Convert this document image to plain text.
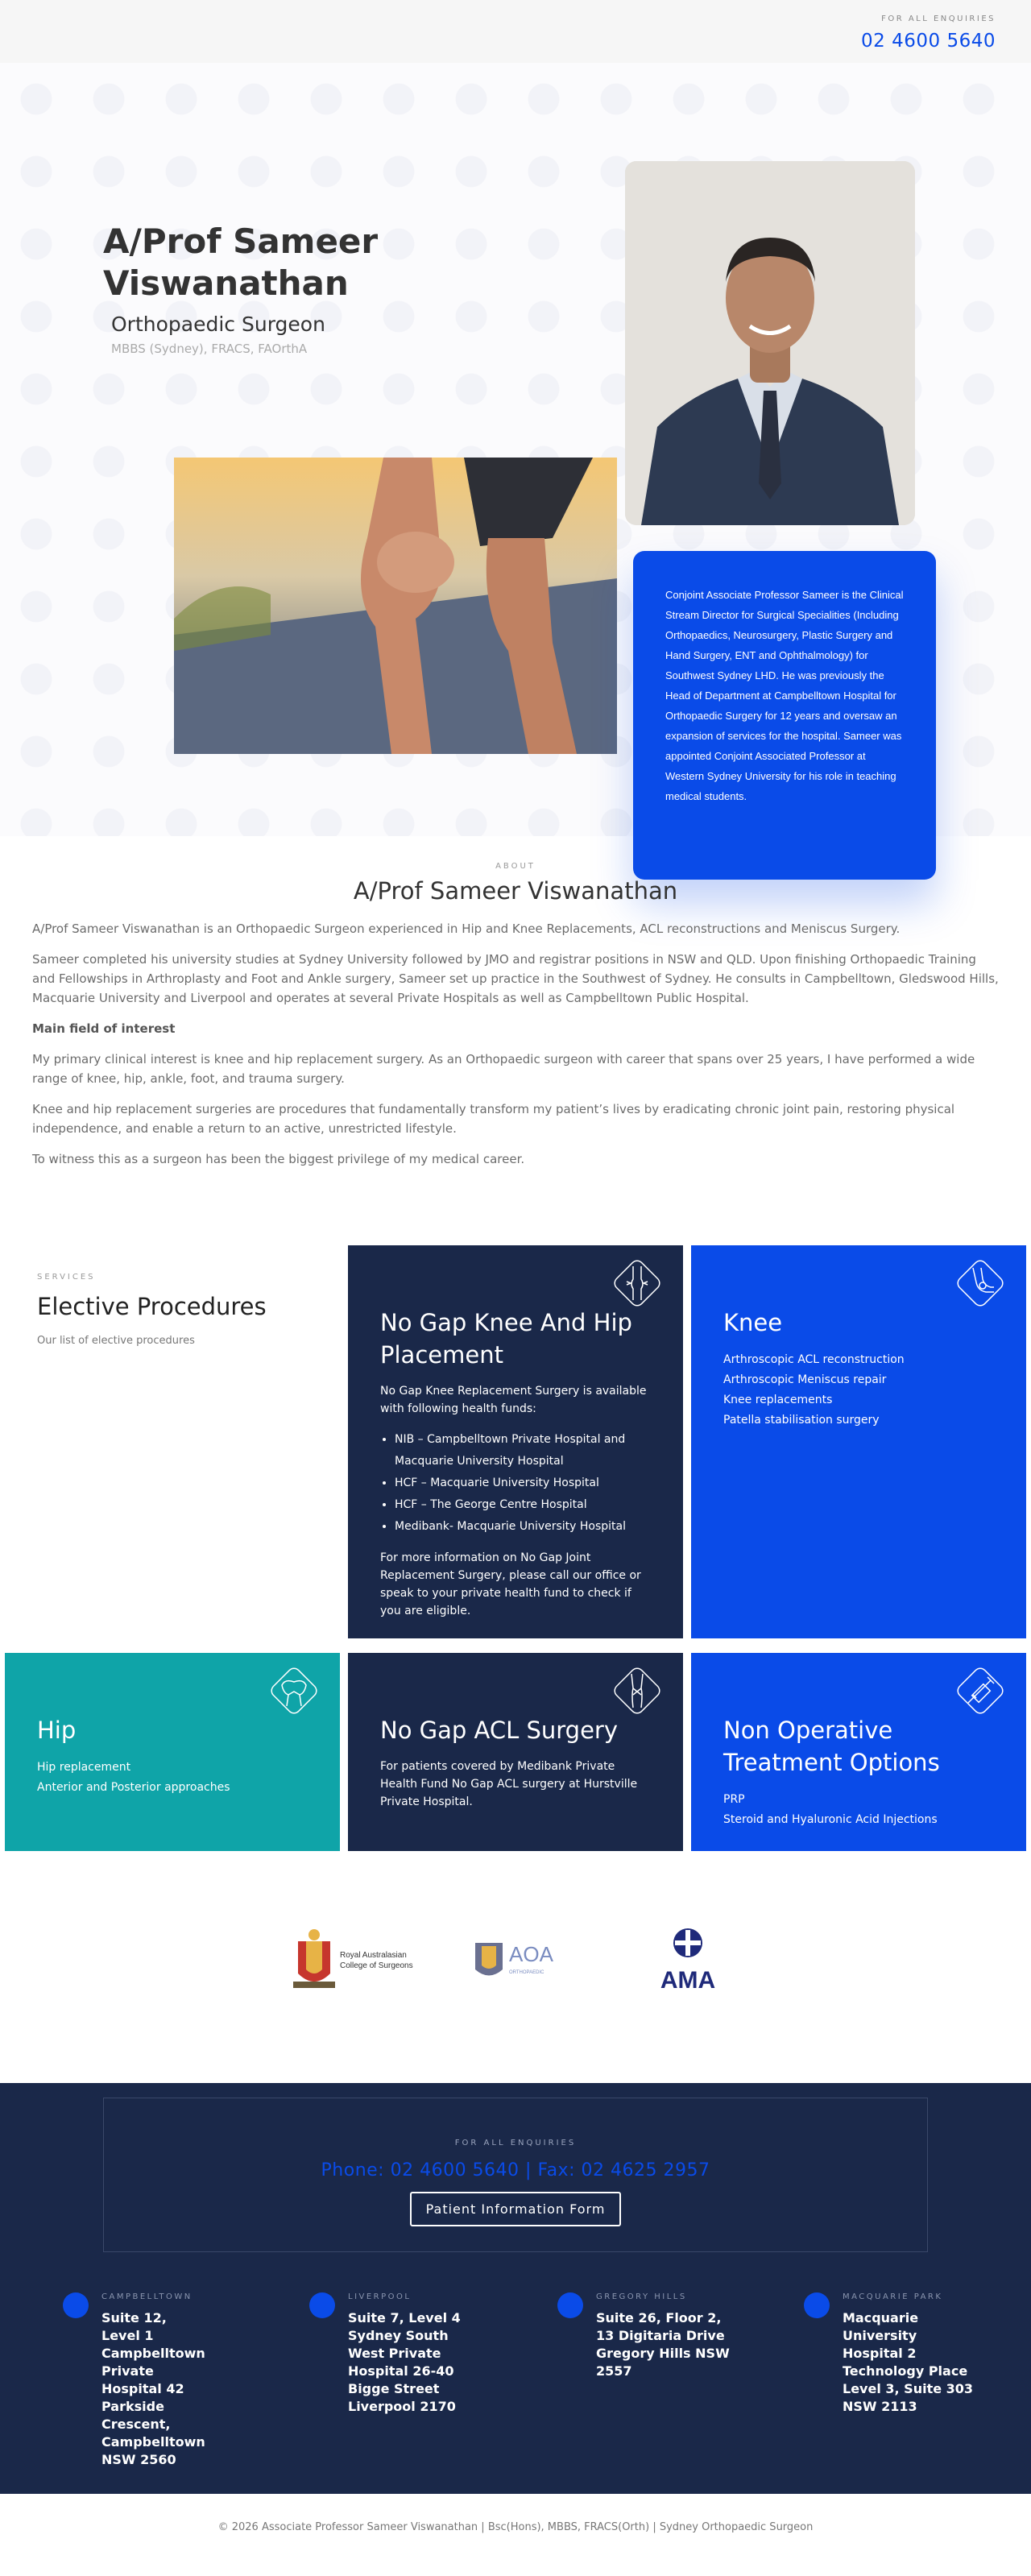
FOR ALL ENQUIRIES
02 4600 5640
A/Prof Sameer Viswanathan
Orthopaedic Surgeon
MBBS (Sydney), FRACS, FAOrthA

Conjoint Associate Professor Sameer is the Clinical Stream Director for Surgical Specialities (Including Orthopaedics, Neurosurgery, Plastic Surgery and Hand Surgery, ENT and Ophthalmology) for Southwest Sydney LHD. He was previously the Head of Department at Campbelltown Hospital for Orthopaedic Surgery for 12 years and oversaw an expansion of services for the hospital. Sameer was appointed Conjoint Associated Professor at Western Sydney University for his role in teaching medical students.

ABOUT
A/Prof Sameer Viswanathan

A/Prof Sameer Viswanathan is an Orthopaedic Surgeon experienced in Hip and Knee Replacements, ACL reconstructions and Meniscus Surgery.

Sameer completed his university studies at Sydney University followed by JMO and registrar positions in NSW and QLD. Upon finishing Orthopaedic Training and Fellowships in Arthroplasty and Foot and Ankle surgery, Sameer set up practice in the Southwest of Sydney. He consults in Campbelltown, Gledswood Hills, Macquarie University and Liverpool and operates at several Private Hospitals as well as Campbelltown Public Hospital.

Main field of interest

My primary clinical interest is knee and hip replacement surgery. As an Orthopaedic surgeon with career that spans over 25 years, I have performed a wide range of knee, hip, ankle, foot, and trauma surgery.

Knee and hip replacement surgeries are procedures that fundamentally transform my patient’s lives by eradicating chronic joint pain, restoring physical independence, and enable a return to an active, unrestricted lifestyle.

To witness this as a surgeon has been the biggest privilege of my medical career.

SERVICES
Elective Procedures

Our list of elective procedures

No Gap Knee And Hip Placement
No Gap Knee Replacement Surgery is available with following health funds:
• NIB – Campbelltown Private Hospital and Macquarie University Hospital
• HCF – Macquarie University Hospital
• HCF – The George Centre Hospital
• Medibank- Macquarie University Hospital
For more information on No Gap Joint Replacement Surgery, please call our office or speak to your private health fund to check if you are eligible.
Knee
Arthroscopic ACL reconstruction
Arthroscopic Meniscus repair
Knee replacements
Patella stabilisation surgery
Hip
Hip replacement
Anterior and Posterior approaches
No Gap ACL Surgery
For patients covered by Medibank Private Health Fund No Gap ACL surgery at Hurstville Private Hospital.
Non Operative Treatment Options
PRP
Steroid and Hyaluronic Acid Injections
Royal Australasian
College of Surgeons	AOA
ORTHOPAEDIC	AMA
FOR ALL ENQUIRIES
Phone: 02 4600 5640 | Fax: 02 4625 2957
Patient Information Form
CAMPBELLTOWN
Suite 12, Level 1 Campbelltown Private Hospital 42 Parkside Crescent, Campbelltown NSW 2560
LIVERPOOL
Suite 7, Level 4 Sydney South West Private Hospital 26-40 Bigge Street Liverpool 2170
GREGORY HILLS
Suite 26, Floor 2, 13 Digitaria Drive Gregory Hills NSW 2557
MACQUARIE PARK
Macquarie University Hospital 2 Technology Place Level 3, Suite 303 NSW 2113
© 2026 Associate Professor Sameer Viswanathan | Bsc(Hons), MBBS, FRACS(Orth) | Sydney Orthopaedic Surgeon
